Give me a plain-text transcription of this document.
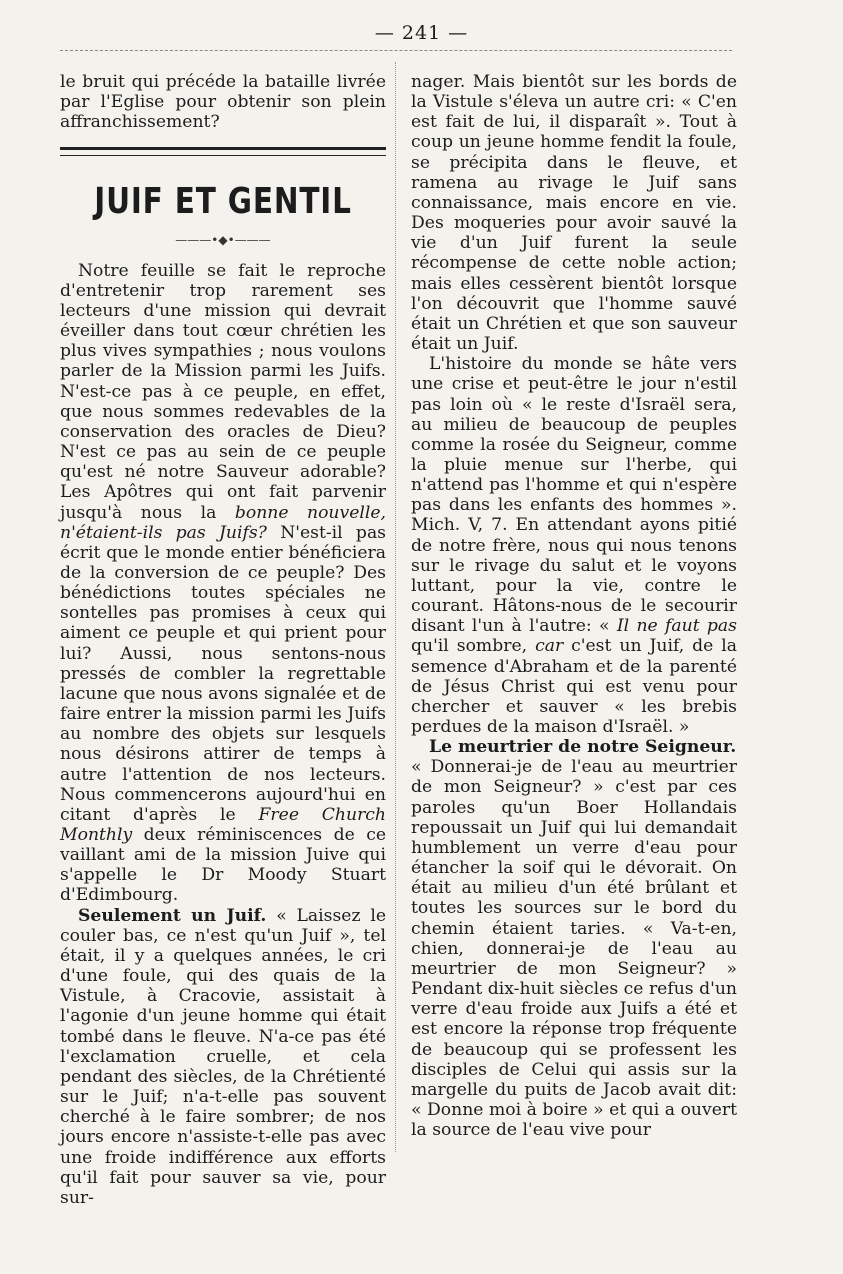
— 241 —

le bruit qui précéde la bataille livrée par l'Eglise pour obtenir son plein affranchissement?

JUIF ET GENTIL
———•◆•———

Notre feuille se fait le reproche d'entretenir trop rarement ses lecteurs d'une mission qui devrait éveiller dans tout cœur chrétien les plus vives sympathies ; nous voulons parler de la Mission parmi les Juifs. N'est-ce pas à ce peuple, en effet, que nous sommes redevables de la conservation des oracles de Dieu? N'est ce pas au sein de ce peuple qu'est né notre Sauveur adorable? Les Apôtres qui ont fait parvenir jusqu'à nous la bonne nouvelle, n'étaient-ils pas Juifs? N'est-il pas écrit que le monde entier bénéficiera de la conversion de ce peuple? Des bénédictions toutes spéciales ne sontelles pas promises à ceux qui aiment ce peuple et qui prient pour lui? Aussi, nous sentons-nous pressés de combler la regrettable lacune que nous avons signalée et de faire entrer la mission parmi les Juifs au nombre des objets sur lesquels nous désirons attirer de temps à autre l'attention de nos lecteurs. Nous commencerons aujourd'hui en citant d'après le Free Church Monthly deux réminiscences de ce vaillant ami de la mission Juive qui s'appelle le Dr Moody Stuart d'Edimbourg.

Seulement un Juif. « Laissez le couler bas, ce n'est qu'un Juif », tel était, il y a quelques années, le cri d'une foule, qui des quais de la Vistule, à Cracovie, assistait à l'agonie d'un jeune homme qui était tombé dans le fleuve. N'a-ce pas été l'exclamation cruelle, et cela pendant des siècles, de la Chrétienté sur le Juif; n'a-t-elle pas souvent cherché à le faire sombrer; de nos jours encore n'assiste-t-elle pas avec une froide indifférence aux efforts qu'il fait pour sauver sa vie, pour sur-

nager. Mais bientôt sur les bords de la Vistule s'éleva un autre cri: « C'en est fait de lui, il disparaît ». Tout à coup un jeune homme fendit la foule, se précipita dans le fleuve, et ramena au rivage le Juif sans connaissance, mais encore en vie. Des moqueries pour avoir sauvé la vie d'un Juif furent la seule récompense de cette noble action; mais elles cessèrent bientôt lorsque l'on découvrit que l'homme sauvé était un Chrétien et que son sauveur était un Juif.

L'histoire du monde se hâte vers une crise et peut-être le jour n'estil pas loin où « le reste d'Israël sera, au milieu de beaucoup de peuples comme la rosée du Seigneur, comme la pluie menue sur l'herbe, qui n'attend pas l'homme et qui n'espère pas dans les enfants des hommes ». Mich. V, 7. En attendant ayons pitié de notre frère, nous qui nous tenons sur le rivage du salut et le voyons luttant, pour la vie, contre le courant. Hâtons-nous de le secourir disant l'un à l'autre: « Il ne faut pas qu'il sombre, car c'est un Juif, de la semence d'Abraham et de la parenté de Jésus Christ qui est venu pour chercher et sauver « les brebis perdues de la maison d'Israël. »

Le meurtrier de notre Seigneur.

« Donnerai-je de l'eau au meurtrier de mon Seigneur? » c'est par ces paroles qu'un Boer Hollandais repoussait un Juif qui lui demandait humblement un verre d'eau pour étancher la soif qui le dévorait. On était au milieu d'un été brûlant et toutes les sources sur le bord du chemin étaient taries. « Va-t-en, chien, donnerai-je de l'eau au meurtrier de mon Seigneur? » Pendant dix-huit siècles ce refus d'un verre d'eau froide aux Juifs a été et est encore la réponse trop fréquente de beaucoup qui se professent les disciples de Celui qui assis sur la margelle du puits de Jacob avait dit: « Donne moi à boire » et qui a ouvert la source de l'eau vive pour
